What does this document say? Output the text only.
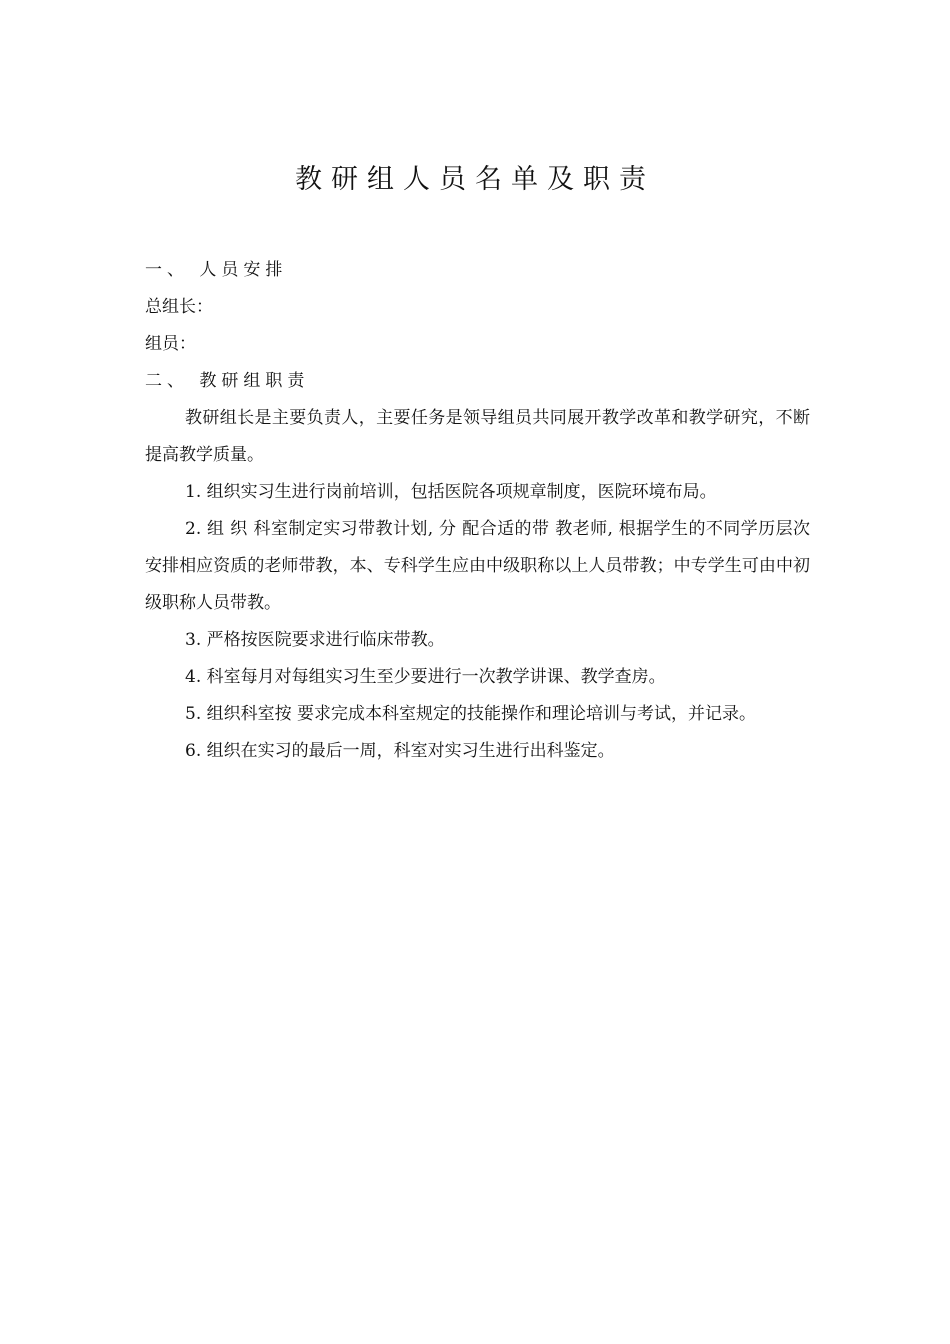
教研组人员名单及职责
一、 人员安排
总组长：
组员：
二、 教研组职责
教研组长是主要负责人，主要任务是领导组员共同展开教学改革和教学研究，不断提高教学质量。
1. 组织实习生进行岗前培训，包括医院各项规章制度，医院环境布局。
2. 组 织 科室制定实习带教计划, 分 配合适的带 教老师, 根据学生的不同学历层次安排相应资质的老师带教，本、专科学生应由中级职称以上人员带教；中专学生可由中初级职称人员带教。
3. 严格按医院要求进行临床带教。
4. 科室每月对每组实习生至少要进行一次教学讲课、教学查房。
5. 组织科室按 要求完成本科室规定的技能操作和理论培训与考试，并记录。
6. 组织在实习的最后一周，科室对实习生进行出科鉴定。
